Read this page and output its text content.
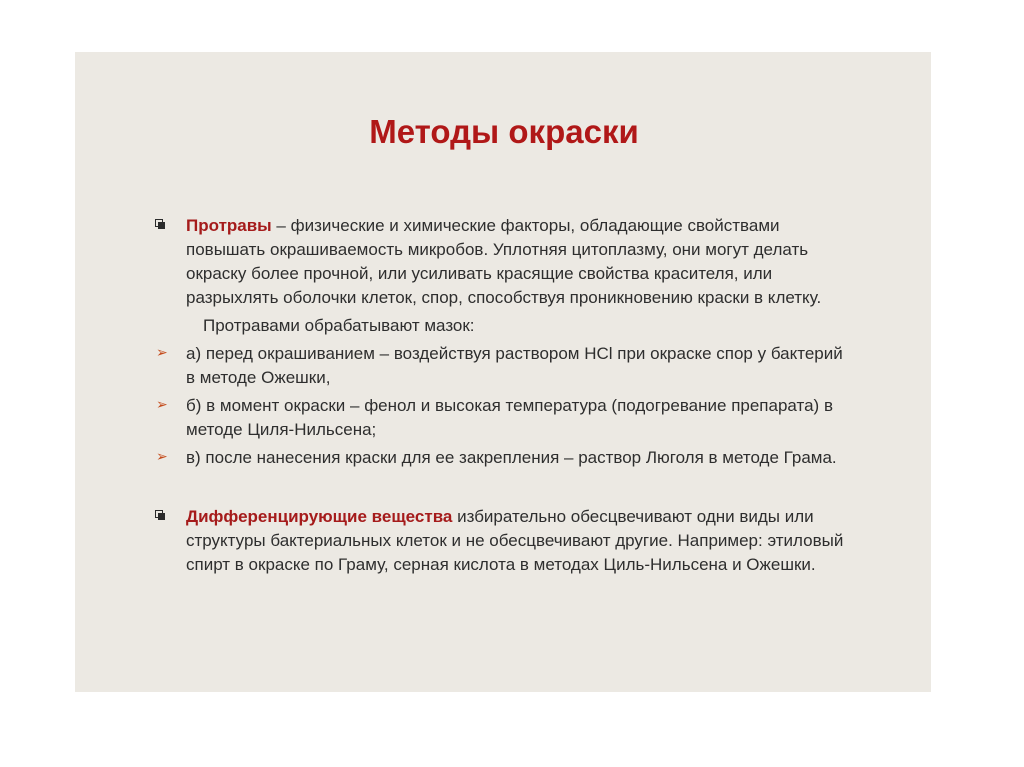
Методы окраски
Протравы – физические и химические факторы, обладающие свойствами повышать окрашиваемость микробов. Уплотняя цитоплазму, они могут делать окраску более прочной, или усиливать красящие свойства красителя, или разрыхлять оболочки клеток, спор, способствуя проникновению краски в клетку.
Протравами обрабатывают мазок:
➢ а) перед окрашиванием – воздействуя раствором HCl при окраске спор у бактерий в методе Ожешки,
➢ б) в момент окраски – фенол и высокая температура (подогревание препарата) в методе Циля-Нильсена;
➢ в) после нанесения краски для ее закрепления – раствор Люголя в методе Грама.
Дифференцирующие вещества избирательно обесцвечивают одни виды или структуры бактериальных клеток и не обесцвечивают другие. Например: этиловый спирт в окраске по Граму, серная кислота в методах Циль-Нильсена и Ожешки.
